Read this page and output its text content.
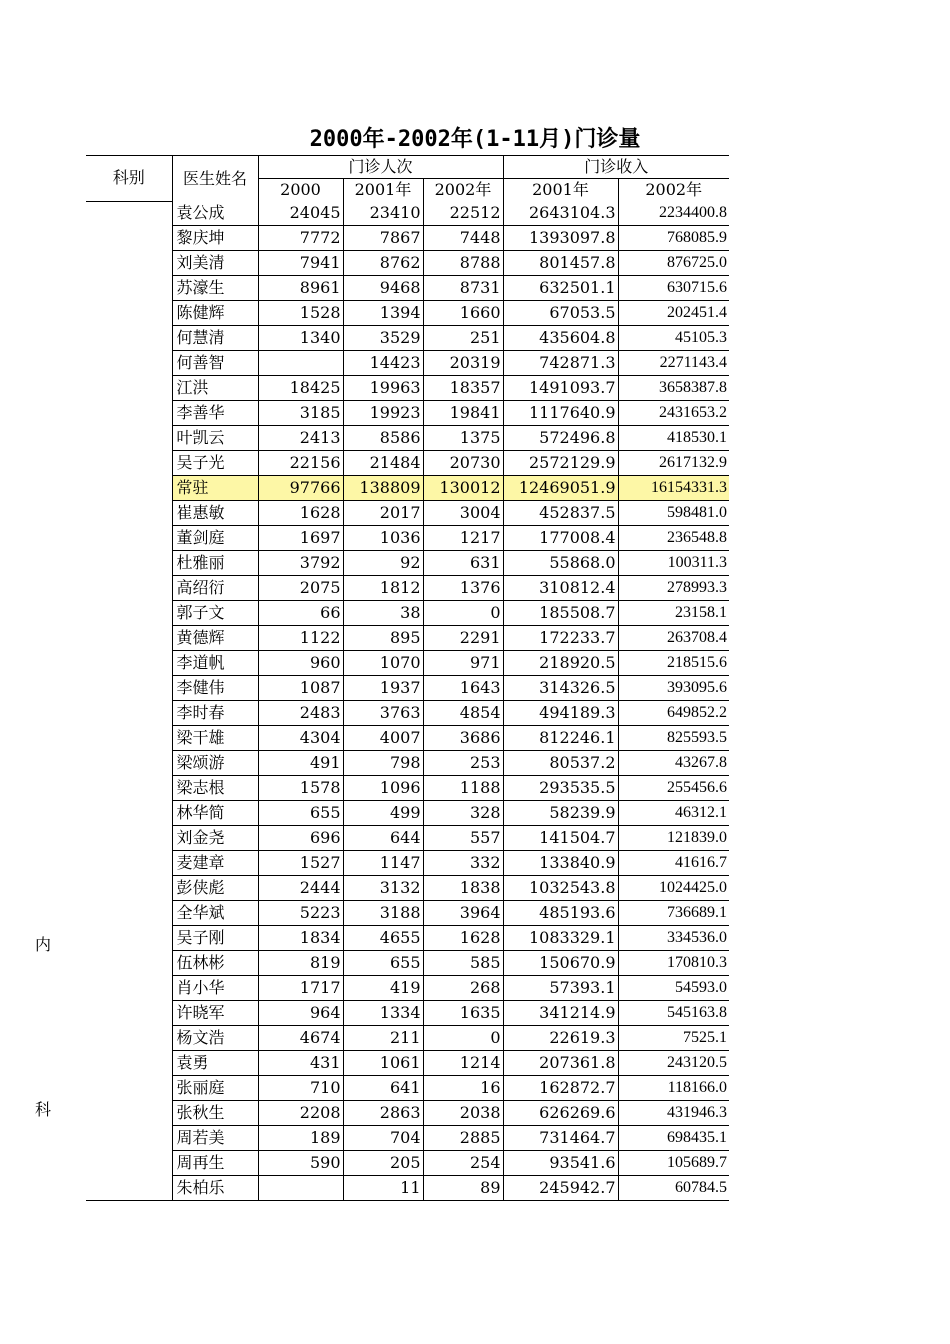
2000年-2002年(1-11月)门诊量
科别	医生姓名	门诊人次			门诊收入	
		2000	2001年	2002年	2001年	2002年
	袁公成	24045	23410	22512	2643104.3	2234400.8
	黎庆坤	7772	7867	7448	1393097.8	768085.9
	刘美清	7941	8762	8788	801457.8	876725.0
	苏濠生	8961	9468	8731	632501.1	630715.6
	陈健辉	1528	1394	1660	67053.5	202451.4
	何慧清	1340	3529	251	435604.8	45105.3
	何善智		14423	20319	742871.3	2271143.4
	江洪	18425	19963	18357	1491093.7	3658387.8
	李善华	3185	19923	19841	1117640.9	2431653.2
	叶凯云	2413	8586	1375	572496.8	418530.1
	吴子光	22156	21484	20730	2572129.9	2617132.9
	常驻	97766	138809	130012	12469051.9	16154331.3
	崔惠敏	1628	2017	3004	452837.5	598481.0
	董剑庭	1697	1036	1217	177008.4	236548.8
	杜雅丽	3792	92	631	55868.0	100311.3
	高绍衍	2075	1812	1376	310812.4	278993.3
	郭子文	66	38	0	185508.7	23158.1
	黄德辉	1122	895	2291	172233.7	263708.4
	李道帆	960	1070	971	218920.5	218515.6
	李健伟	1087	1937	1643	314326.5	393095.6
	李时春	2483	3763	4854	494189.3	649852.2
	梁干雄	4304	4007	3686	812246.1	825593.5
	梁颂游	491	798	253	80537.2	43267.8
	梁志根	1578	1096	1188	293535.5	255456.6
	林华简	655	499	328	58239.9	46312.1
	刘金尧	696	644	557	141504.7	121839.0
	麦建章	1527	1147	332	133840.9	41616.7
	彭侠彪	2444	3132	1838	1032543.8	1024425.0
	全华斌	5223	3188	3964	485193.6	736689.1
	吴子刚	1834	4655	1628	1083329.1	334536.0
	伍林彬	819	655	585	150670.9	170810.3
	肖小华	1717	419	268	57393.1	54593.0
	许晓军	964	1334	1635	341214.9	545163.8
	杨文浩	4674	211	0	22619.3	7525.1
	袁勇	431	1061	1214	207361.8	243120.5
	张丽庭	710	641	16	162872.7	118166.0
	张秋生	2208	2863	2038	626269.6	431946.3
	周若美	189	704	2885	731464.7	698435.1
	周再生	590	205	254	93541.6	105689.7
	朱柏乐		11	89	245942.7	60784.5
内
科
